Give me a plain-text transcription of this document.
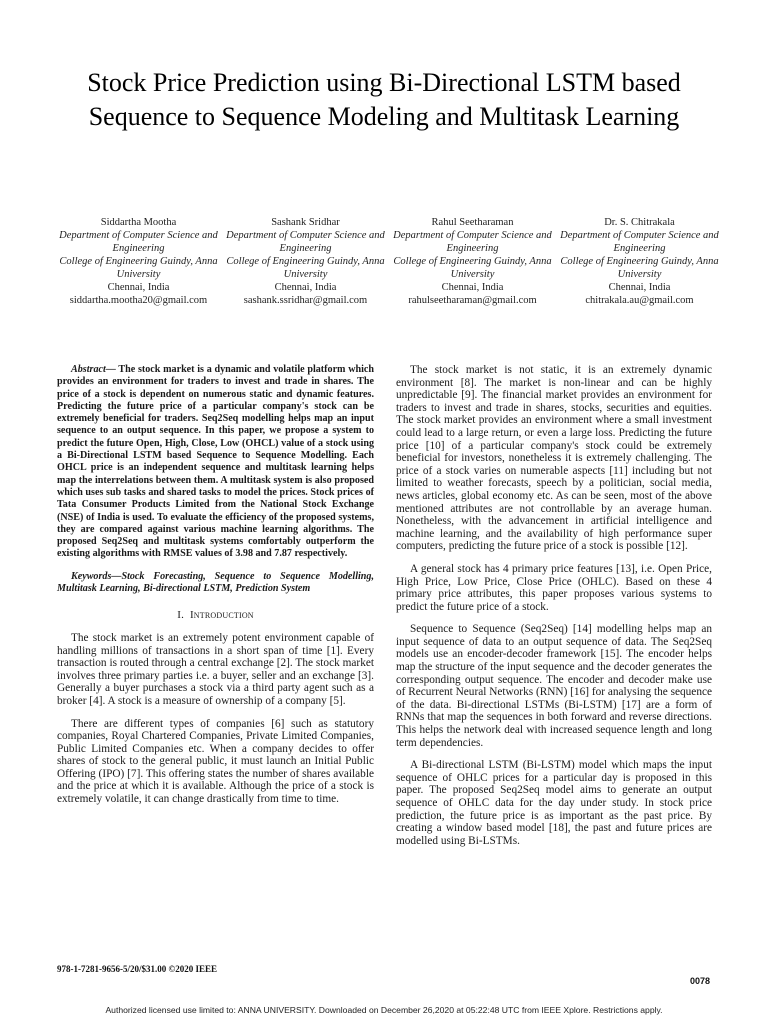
Stock Price Prediction using Bi-Directional LSTM based Sequence to Sequence Modeling and Multitask Learning
Siddartha Mootha
Department of Computer Science and Engineering
College of Engineering Guindy, Anna University
Chennai, India
siddartha.mootha20@gmail.com
Sashank Sridhar
Department of Computer Science and Engineering
College of Engineering Guindy, Anna University
Chennai, India
sashank.ssridhar@gmail.com
Rahul Seetharaman
Department of Computer Science and Engineering
College of Engineering Guindy, Anna University
Chennai, India
rahulseetharaman@gmail.com
Dr. S. Chitrakala
Department of Computer Science and Engineering
College of Engineering Guindy, Anna University
Chennai, India
chitrakala.au@gmail.com

Abstract— The stock market is a dynamic and volatile platform which provides an environment for traders to invest and trade in shares. The price of a stock is dependent on numerous static and dynamic features. Predicting the future price of a particular company's stock can be extremely beneficial for traders. Seq2Seq modelling helps map an input sequence to an output sequence. In this paper, we propose a system to predict the future Open, High, Close, Low (OHCL) value of a stock using a Bi-Directional LSTM based Sequence to Sequence Modelling. Each OHCL price is an independent sequence and multitask learning helps map the interrelations between them. A multitask system is also proposed which uses sub tasks and shared tasks to model the prices. Stock prices of Tata Consumer Products Limited from the National Stock Exchange (NSE) of India is used. To evaluate the efficiency of the proposed systems, they are compared against various machine learning algorithms. The proposed Seq2Seq and multitask systems comfortably outperform the existing algorithms with RMSE values of 3.98 and 7.87 respectively.

Keywords—Stock Forecasting, Sequence to Sequence Modelling, Multitask Learning, Bi-directional LSTM, Prediction System

I. Introduction

The stock market is an extremely potent environment capable of handling millions of transactions in a short span of time [1]. Every transaction is routed through a central exchange [2]. The stock market involves three primary parties i.e. a buyer, seller and an exchange [3]. Generally a buyer purchases a stock via a third party agent such as a broker [4]. A stock is a measure of ownership of a company [5].

There are different types of companies [6] such as statutory companies, Royal Chartered Companies, Private Limited Companies, Public Limited Companies etc. When a company decides to offer shares of stock to the general public, it must launch an Initial Public Offering (IPO) [7]. This offering states the number of shares available and the price at which it is available. Although the price of a stock is extremely volatile, it can change drastically from time to time.

The stock market is not static, it is an extremely dynamic environment [8]. The market is non-linear and can be highly unpredictable [9]. The financial market provides an environment for traders to invest and trade in shares, stocks, securities and equities. The stock market provides an environment where a small investment could lead to a large return, or even a large loss. Predicting the future price [10] of a particular company's stock could be extremely beneficial for investors, nonetheless it is extremely challenging. The price of a stock varies on numerable aspects [11] including but not limited to weather forecasts, speech by a politician, social media, news articles, global economy etc. As can be seen, most of the above mentioned attributes are not controllable by an average human. Nonetheless, with the advancement in artificial intelligence and machine learning, and the availability of high performance super computers, predicting the future price of a stock is possible [12].

A general stock has 4 primary price features [13], i.e. Open Price, High Price, Low Price, Close Price (OHLC). Based on these 4 primary price attributes, this paper proposes various systems to predict the future price of a stock.

Sequence to Sequence (Seq2Seq) [14] modelling helps map an input sequence of data to an output sequence of data. The Seq2Seq models use an encoder-decoder framework [15]. The encoder helps map the structure of the input sequence and the decoder generates the corresponding output sequence. The encoder and decoder make use of Recurrent Neural Networks (RNN) [16] for analysing the sequence of the data. Bi-directional LSTMs (Bi-LSTM) [17] are a form of RNNs that map the sequences in both forward and reverse directions. This helps the network deal with increased sequence length and long term dependencies.

A Bi-directional LSTM (Bi-LSTM) model which maps the input sequence of OHLC prices for a particular day is proposed in this paper. The proposed Seq2Seq model aims to generate an output sequence of OHLC data for the day under study. In stock price prediction, the future price is as important as the past price. By creating a window based model [18], the past and future prices are modelled using Bi-LSTMs.

978-1-7281-9656-5/20/$31.00 ©2020 IEEE
0078
Authorized licensed use limited to: ANNA UNIVERSITY. Downloaded on December 26,2020 at 05:22:48 UTC from IEEE Xplore. Restrictions apply.
